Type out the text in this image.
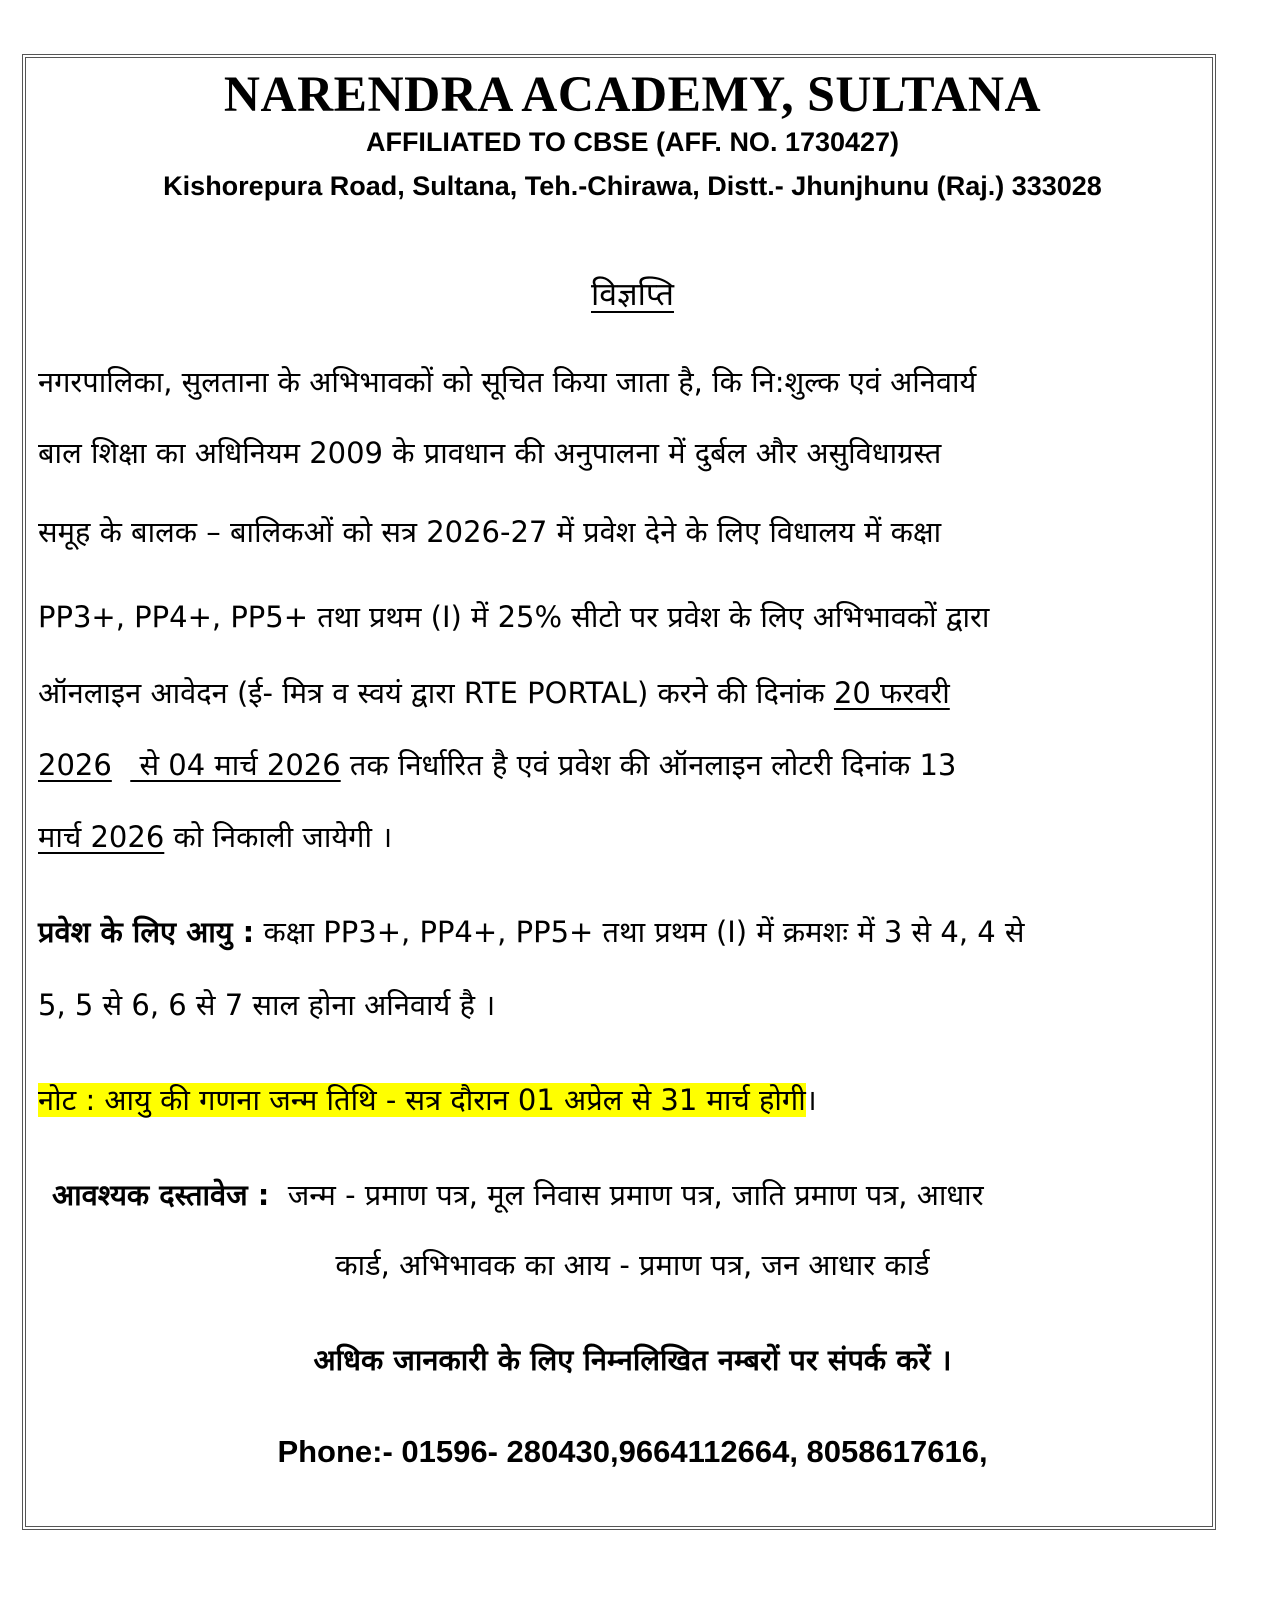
NARENDRA ACADEMY, SULTANA
AFFILIATED TO CBSE (AFF. NO. 1730427)
Kishorepura Road, Sultana, Teh.-Chirawa, Distt.- Jhunjhunu (Raj.) 333028
विज्ञप्ति
नगरपालिका, सुलताना के अभिभावकों को सूचित किया जाता है, कि नि:शुल्क एवं अनिवार्य
बाल शिक्षा का अधिनियम 2009 के प्रावधान की अनुपालना में दुर्बल और असुविधाग्रस्त
समूह के बालक – बालिकओं को सत्र 2026-27 में प्रवेश देने के लिए विधालय में कक्षा
PP3+, PP4+, PP5+ तथा प्रथम (I) में 25% सीटो पर प्रवेश के लिए अभिभावकों द्वारा
ऑनलाइन आवेदन (ई- मित्र व स्वयं द्वारा RTE PORTAL) करने की दिनांक 20 फरवरी
2026   से 04 मार्च 2026 तक निर्धारित है एवं प्रवेश की ऑनलाइन लोटरी दिनांक 13
मार्च 2026 को निकाली जायेगी ।
प्रवेश के लिए आयु : कक्षा PP3+, PP4+, PP5+ तथा प्रथम (I) में क्रमशः में 3 से 4, 4 से
5, 5 से 6, 6 से 7 साल होना अनिवार्य है ।
नोट : आयु की गणना जन्म तिथि - सत्र दौरान 01 अप्रेल से 31 मार्च होगी।
आवश्यक दस्तावेज :  जन्म - प्रमाण पत्र, मूल निवास प्रमाण पत्र, जाति प्रमाण पत्र, आधार
कार्ड, अभिभावक का आय - प्रमाण पत्र, जन आधार कार्ड
अधिक जानकारी के लिए निम्नलिखित नम्बरों पर संपर्क करें ।
Phone:- 01596- 280430,9664112664, 8058617616,
